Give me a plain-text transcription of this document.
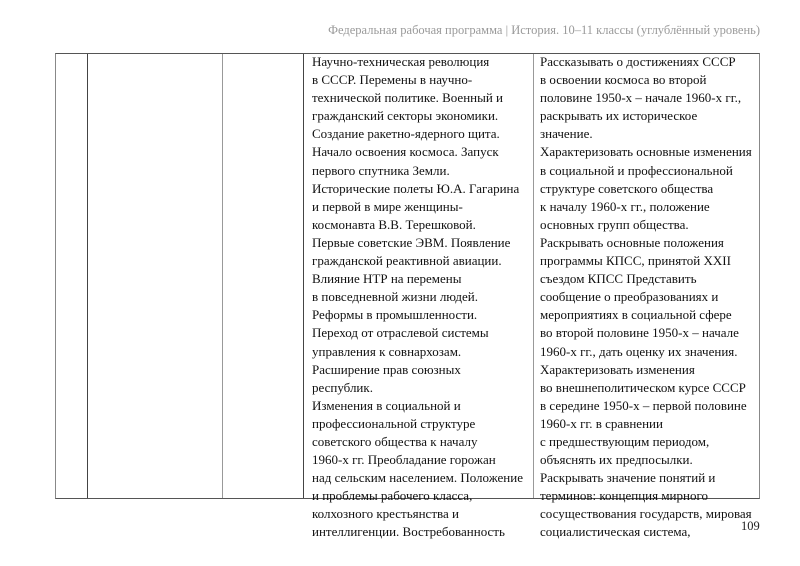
Федеральная рабочая программа | История. 10–11 классы (углублённый уровень)
Научно-техническая революция
в СССР. Перемены в научно-
технической политике. Военный и
гражданский секторы экономики.
Создание ракетно-ядерного щита.
Начало освоения космоса. Запуск
первого спутника Земли.
Исторические полеты Ю.А. Гагарина
и первой в мире женщины-
космонавта В.В. Терешковой.
Первые советские ЭВМ. Появление
гражданской реактивной авиации.
Влияние НТР на перемены
в повседневной жизни людей.
Реформы в промышленности.
Переход от отраслевой системы
управления к совнархозам.
Расширение прав союзных
республик.
Изменения в социальной и
профессиональной структуре
советского общества к началу
1960-х гг. Преобладание горожан
над сельским населением. Положение
и проблемы рабочего класса,
колхозного крестьянства и
интеллигенции. Востребованность
Рассказывать о достижениях СССР
в освоении космоса во второй
половине 1950-х – начале 1960-х гг.,
раскрывать их историческое
значение.
Характеризовать основные изменения
в социальной и профессиональной
структуре советского общества
к началу 1960-х гг., положение
основных групп общества.
Раскрывать основные положения
программы КПСС, принятой XXII
съездом КПСС Представить
сообщение о преобразованиях и
мероприятиях в социальной сфере
во второй половине 1950-х – начале
1960-х гг., дать оценку их значения.
Характеризовать изменения
во внешнеполитическом курсе СССР
в середине 1950-х – первой половине
1960-х гг. в сравнении
с предшествующим периодом,
объяснять их предпосылки.
Раскрывать значение понятий и
терминов: концепция мирного
сосуществования государств, мировая
социалистическая система,	109
